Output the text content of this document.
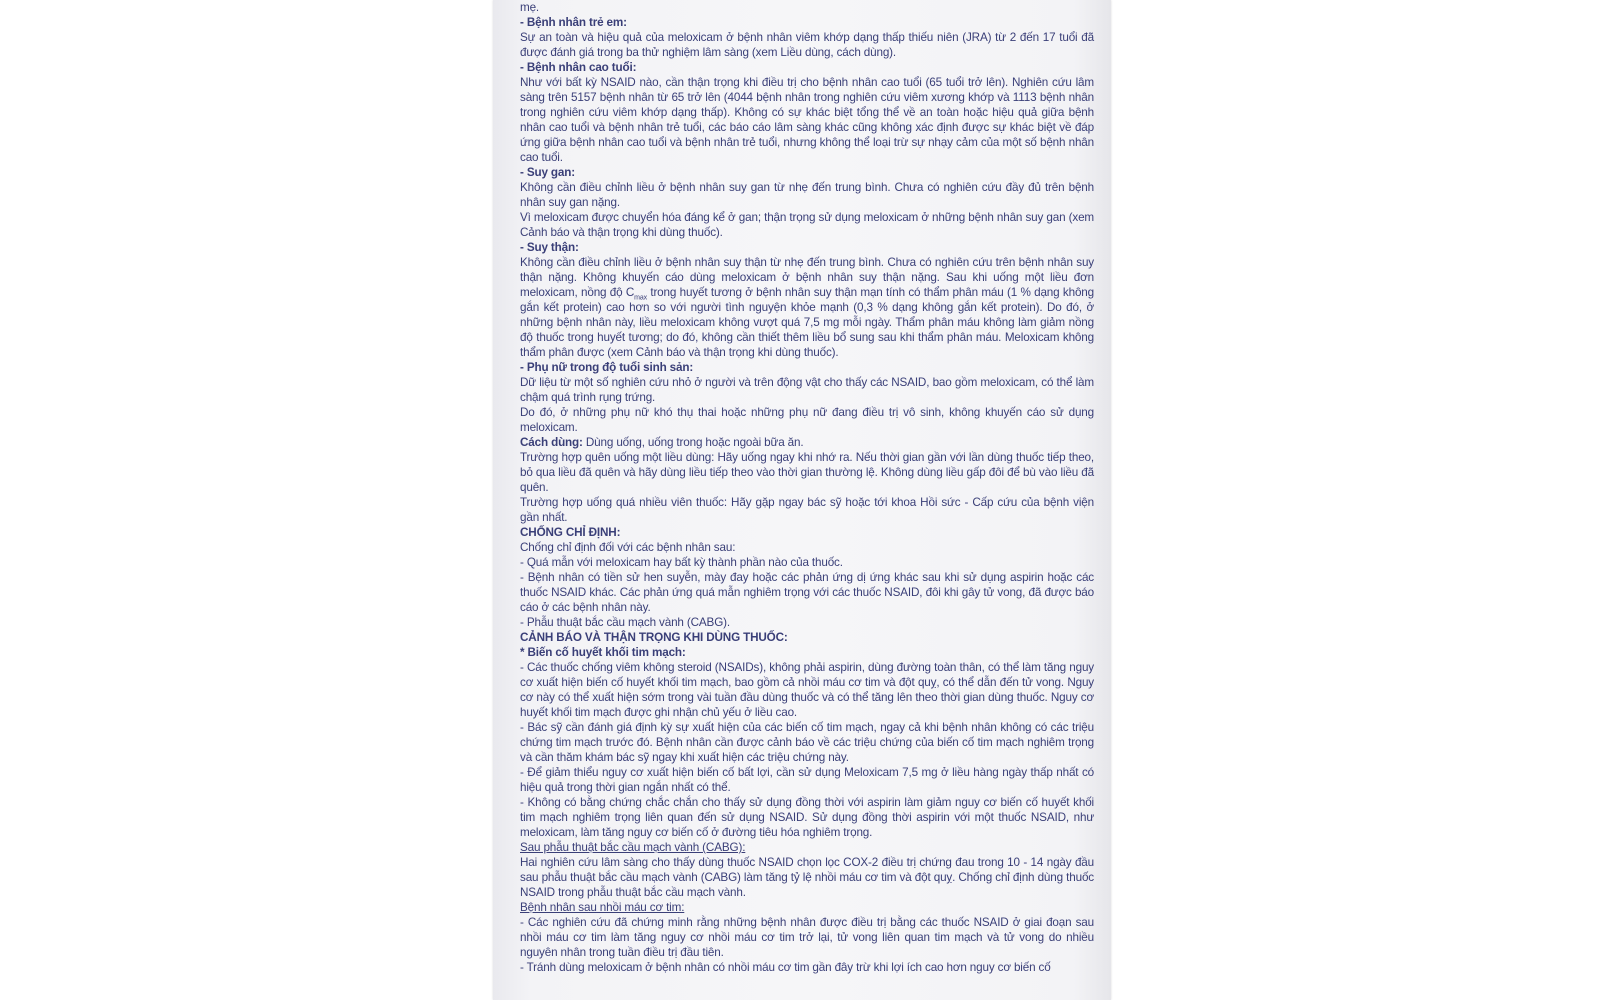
mẹ.

- Bệnh nhân trẻ em:

Sự an toàn và hiệu quả của meloxicam ở bệnh nhân viêm khớp dạng thấp thiếu niên (JRA) từ 2 đến 17 tuổi đã được đánh giá trong ba thử nghiệm lâm sàng (xem Liều dùng, cách dùng).

- Bệnh nhân cao tuổi:

Như với bất kỳ NSAID nào, cần thận trọng khi điều trị cho bệnh nhân cao tuổi (65 tuổi trở lên). Nghiên cứu lâm sàng trên 5157 bệnh nhân từ 65 trở lên (4044 bệnh nhân trong nghiên cứu viêm xương khớp và 1113 bệnh nhân trong nghiên cứu viêm khớp dạng thấp). Không có sự khác biệt tổng thể về an toàn hoặc hiệu quả giữa bệnh nhân cao tuổi và bệnh nhân trẻ tuổi, các báo cáo lâm sàng khác cũng không xác định được sự khác biệt về đáp ứng giữa bệnh nhân cao tuổi và bệnh nhân trẻ tuổi, nhưng không thể loại trừ sự nhạy cảm của một số bệnh nhân cao tuổi.

- Suy gan:

Không cần điều chỉnh liều ở bệnh nhân suy gan từ nhẹ đến trung bình. Chưa có nghiên cứu đầy đủ trên bệnh nhân suy gan nặng.

Vì meloxicam được chuyển hóa đáng kể ở gan; thận trọng sử dụng meloxicam ở những bệnh nhân suy gan (xem Cảnh báo và thận trọng khi dùng thuốc).

- Suy thận:

Không cần điều chỉnh liều ở bệnh nhân suy thận từ nhẹ đến trung bình. Chưa có nghiên cứu trên bệnh nhân suy thận nặng. Không khuyến cáo dùng meloxicam ở bệnh nhân suy thận nặng. Sau khi uống một liều đơn meloxicam, nồng độ $C_{max}$ trong huyết tương ở bệnh nhân suy thận mạn tính có thẩm phân máu (1 % dạng không gắn kết protein) cao hơn so với người tình nguyện khỏe mạnh (0,3 % dạng không gắn kết protein). Do đó, ở những bệnh nhân này, liều meloxicam không vượt quá 7,5 mg mỗi ngày. Thẩm phân máu không làm giảm nồng độ thuốc trong huyết tương; do đó, không cần thiết thêm liều bổ sung sau khi thẩm phân máu. Meloxicam không thẩm phân được (xem Cảnh báo và thận trọng khi dùng thuốc).

- Phụ nữ trong độ tuổi sinh sản:

Dữ liệu từ một số nghiên cứu nhỏ ở người và trên động vật cho thấy các NSAID, bao gồm meloxicam, có thể làm chậm quá trình rụng trứng.

Do đó, ở những phụ nữ khó thụ thai hoặc những phụ nữ đang điều trị vô sinh, không khuyến cáo sử dụng meloxicam.

Cách dùng: Dùng uống, uống trong hoặc ngoài bữa ăn.

Trường hợp quên uống một liều dùng: Hãy uống ngay khi nhớ ra. Nếu thời gian gần với lần dùng thuốc tiếp theo, bỏ qua liều đã quên và hãy dùng liều tiếp theo vào thời gian thường lệ. Không dùng liều gấp đôi để bù vào liều đã quên.

Trường hợp uống quá nhiều viên thuốc: Hãy gặp ngay bác sỹ hoặc tới khoa Hồi sức - Cấp cứu của bệnh viện gần nhất.

CHỐNG CHỈ ĐỊNH:

Chống chỉ định đối với các bệnh nhân sau:

- Quá mẫn với meloxicam hay bất kỳ thành phần nào của thuốc.

- Bệnh nhân có tiền sử hen suyễn, mày đay hoặc các phản ứng dị ứng khác sau khi sử dụng aspirin hoặc các thuốc NSAID khác. Các phản ứng quá mẫn nghiêm trọng với các thuốc NSAID, đôi khi gây tử vong, đã được báo cáo ở các bệnh nhân này.

- Phẫu thuật bắc cầu mạch vành (CABG).

CẢNH BÁO VÀ THẬN TRỌNG KHI DÙNG THUỐC:

* Biến cố huyết khối tim mạch:

- Các thuốc chống viêm không steroid (NSAIDs), không phải aspirin, dùng đường toàn thân, có thể làm tăng nguy cơ xuất hiện biến cố huyết khối tim mạch, bao gồm cả nhồi máu cơ tim và đột quỵ, có thể dẫn đến tử vong. Nguy cơ này có thể xuất hiện sớm trong vài tuần đầu dùng thuốc và có thể tăng lên theo thời gian dùng thuốc. Nguy cơ huyết khối tim mạch được ghi nhận chủ yếu ở liều cao.

- Bác sỹ cần đánh giá định kỳ sự xuất hiện của các biến cố tim mạch, ngay cả khi bệnh nhân không có các triệu chứng tim mạch trước đó. Bệnh nhân cần được cảnh báo về các triệu chứng của biến cố tim mạch nghiêm trọng và cần thăm khám bác sỹ ngay khi xuất hiện các triệu chứng này.

- Để giảm thiểu nguy cơ xuất hiện biến cố bất lợi, cần sử dụng Meloxicam 7,5 mg ở liều hàng ngày thấp nhất có hiệu quả trong thời gian ngắn nhất có thể.

- Không có bằng chứng chắc chắn cho thấy sử dụng đồng thời với aspirin làm giảm nguy cơ biến cố huyết khối tim mạch nghiêm trọng liên quan đến sử dụng NSAID. Sử dụng đồng thời aspirin với một thuốc NSAID, như meloxicam, làm tăng nguy cơ biến cố ở đường tiêu hóa nghiêm trọng.

Sau phẫu thuật bắc cầu mạch vành (CABG):

Hai nghiên cứu lâm sàng cho thấy dùng thuốc NSAID chọn lọc COX-2 điều trị chứng đau trong 10 - 14 ngày đầu sau phẫu thuật bắc cầu mạch vành (CABG) làm tăng tỷ lệ nhồi máu cơ tim và đột quỵ. Chống chỉ định dùng thuốc NSAID trong phẫu thuật bắc cầu mạch vành.

Bệnh nhân sau nhồi máu cơ tim:

- Các nghiên cứu đã chứng minh rằng những bệnh nhân được điều trị bằng các thuốc NSAID ở giai đoạn sau nhồi máu cơ tim làm tăng nguy cơ nhồi máu cơ tim trở lại, tử vong liên quan tim mạch và tử vong do nhiều nguyên nhân trong tuần điều trị đầu tiên.

- Tránh dùng meloxicam ở bệnh nhân có nhồi máu cơ tim gần đây trừ khi lợi ích cao hơn nguy cơ biến cố
